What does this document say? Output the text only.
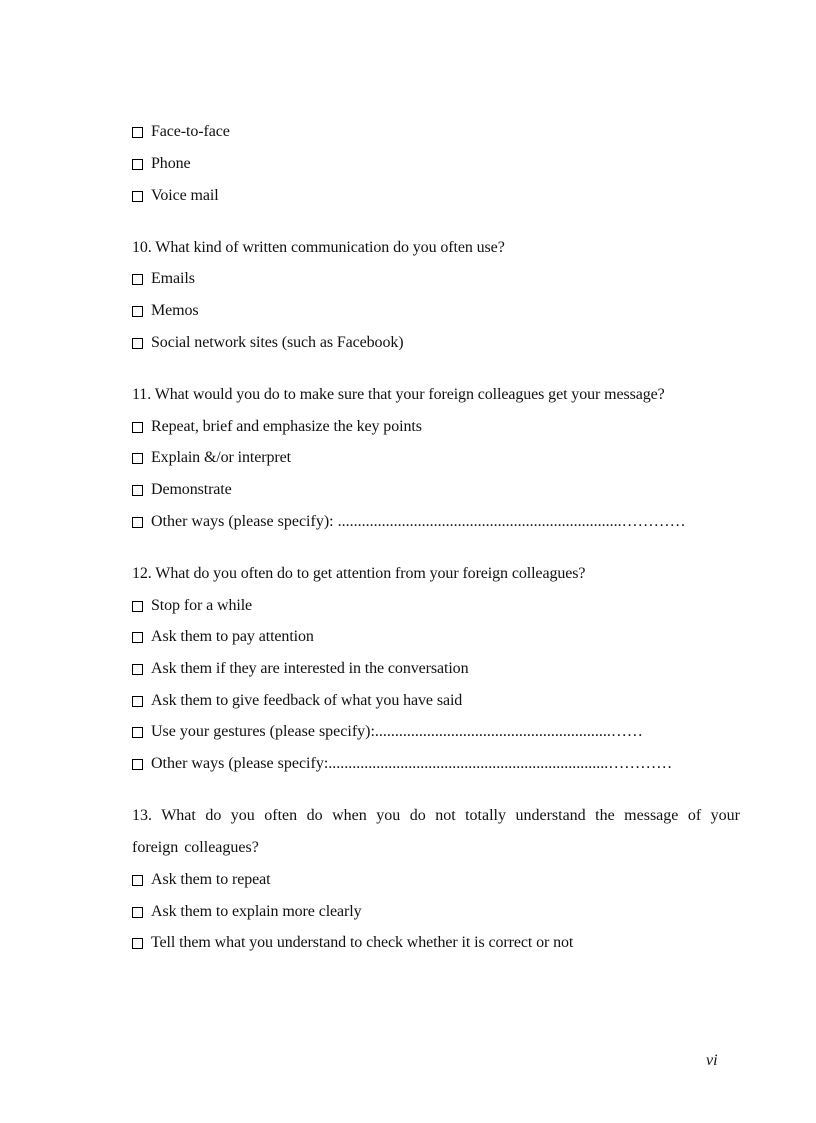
Face-to-face
Phone
Voice mail
10. What kind of written communication do you often use?
Emails
Memos
Social network sites (such as Facebook)
11. What would you do to make sure that your foreign colleagues get your message?
Repeat, brief and emphasize the key points
Explain &/or interpret
Demonstrate
Other ways (please specify): .......................................................................…………
12. What do you often do to get attention from your foreign colleagues?
Stop for a while
Ask them to pay attention
Ask them if they are interested in the conversation
Ask them to give feedback of what you have said
Use your gestures (please specify):...........................................................……
Other ways (please specify:......................................................................…………
13. What do you often do when you do not totally understand the message of your foreign colleagues?
Ask them to repeat
Ask them to explain more clearly
Tell them what you understand to check whether it is correct or not
vi
